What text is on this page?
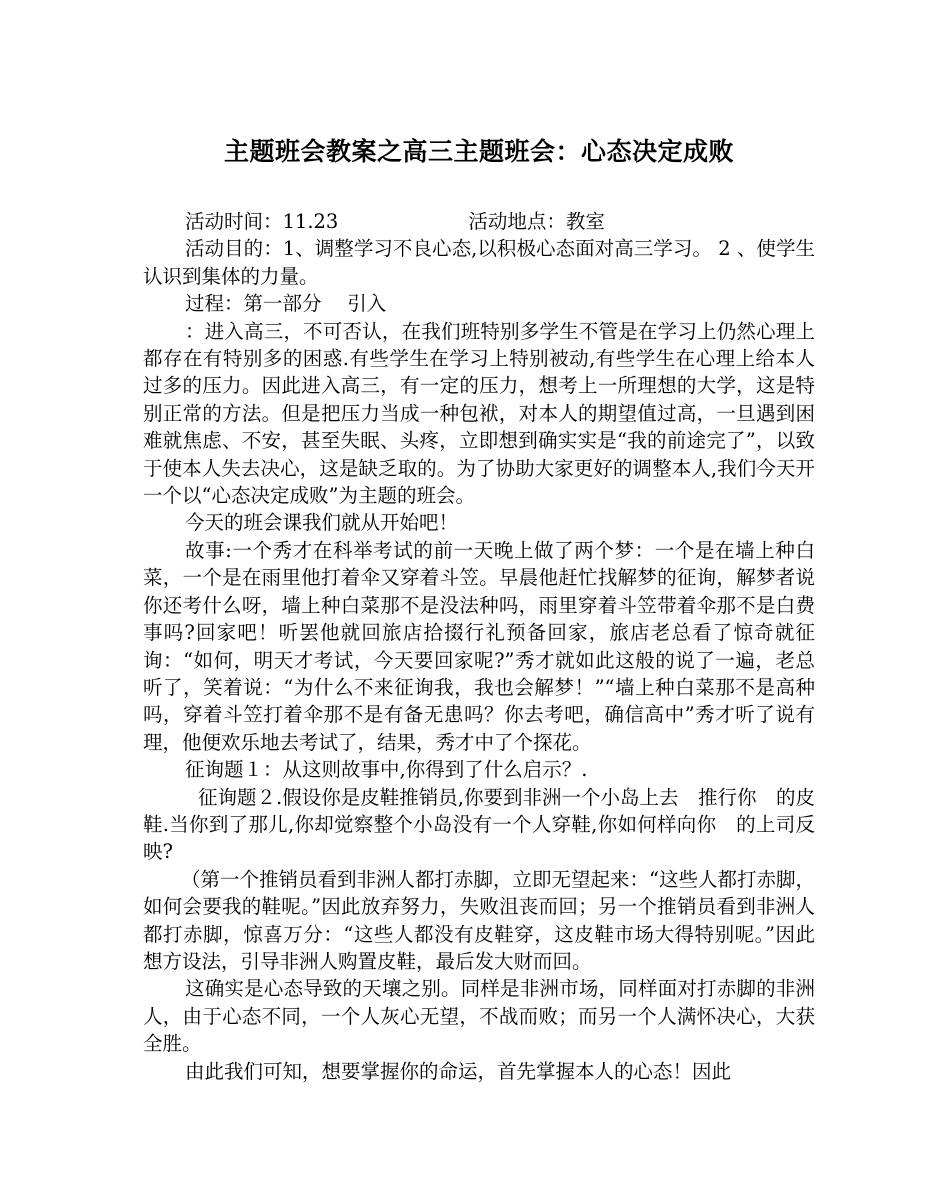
主题班会教案之高三主题班会：心态决定成败
活动时间：11.23	活动地点：教室

活动目的：1、调整学习不良心态,以积极心态面对高三学习。 2 、使学生认识到集体的力量。

过程：第一部分　 引入

：进入高三，不可否认，在我们班特别多学生不管是在学习上仍然心理上都存在有特别多的困惑.有些学生在学习上特别被动,有些学生在心理上给本人过多的压力。因此进入高三，有一定的压力，想考上一所理想的大学，这是特别正常的方法。但是把压力当成一种包袱，对本人的期望值过高，一旦遇到困难就焦虑、不安，甚至失眠、头疼，立即想到确实实是“我的前途完了”，以致于使本人失去决心，这是缺乏取的。为了协助大家更好的调整本人,我们今天开一个以“心态决定成败”为主题的班会。

今天的班会课我们就从开始吧！

故事:一个秀才在科举考试的前一天晚上做了两个梦：一个是在墙上种白菜，一个是在雨里他打着伞又穿着斗笠。早晨他赶忙找解梦的征询，解梦者说你还考什么呀，墙上种白菜那不是没法种吗，雨里穿着斗笠带着伞那不是白费事吗?回家吧！听罢他就回旅店拾掇行礼预备回家，旅店老总看了惊奇就征询：“如何，明天才考试，今天要回家呢?”秀才就如此这般的说了一遍，老总听了，笑着说：“为什么不来征询我，我也会解梦！”“墙上种白菜那不是高种吗，穿着斗笠打着伞那不是有备无患吗？你去考吧，确信高中”秀才听了说有理，他便欢乐地去考试了，结果，秀才中了个探花。

征询题１：从这则故事中,你得到了什么启示？.

征询题２.假设你是皮鞋推销员,你要到非洲一个小岛上去　推行你　的皮鞋.当你到了那儿,你却觉察整个小岛没有一个人穿鞋,你如何样向你　的上司反映?

（第一个推销员看到非洲人都打赤脚，立即无望起来：“这些人都打赤脚，如何会要我的鞋呢。”因此放弃努力，失败沮丧而回；另一个推销员看到非洲人都打赤脚，惊喜万分：“这些人都没有皮鞋穿，这皮鞋市场大得特别呢。”因此想方设法，引导非洲人购置皮鞋，最后发大财而回。

这确实是心态导致的天壤之别。同样是非洲市场，同样面对打赤脚的非洲人，由于心态不同，一个人灰心无望，不战而败；而另一个人满怀决心，大获全胜。

由此我们可知，想要掌握你的命运，首先掌握本人的心态！因此
